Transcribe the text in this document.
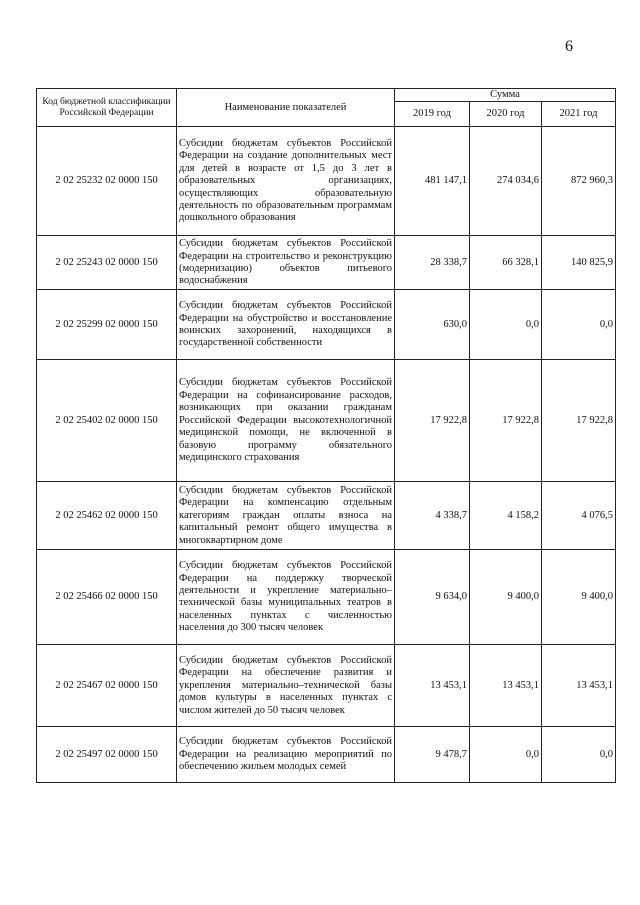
6
Код бюджетной классификации Российской Федерации	Наименование показателей	Сумма		
		2019 год	2020 год	2021 год
2 02 25232 02 0000 150	Субсидии бюджетам субъектов Российской Федерации на создание дополнительных мест для детей в возрасте от 1,5 до 3 лет в образовательных организациях, осуществляющих образовательную деятельность по образовательным программам дошкольного образования	481 147,1	274 034,6	872 960,3
2 02 25243 02 0000 150	Субсидии бюджетам субъектов Российской Федерации на строительство и реконструкцию (модернизацию) объектов питьевого водоснабжения	28 338,7	66 328,1	140 825,9
2 02 25299 02 0000 150	Субсидии бюджетам субъектов Российской Федерации на обустройство и восстановление воинских захоронений, находящихся в государственной собственности	630,0	0,0	0,0
2 02 25402 02 0000 150	Субсидии бюджетам субъектов Российской Федерации на софинансирование расходов, возникающих при оказании гражданам Российской Федерации высокотехнологичной медицинской помощи, не включенной в базовую программу обязательного медицинского страхования	17 922,8	17 922,8	17 922,8
2 02 25462 02 0000 150	Субсидии бюджетам субъектов Российской Федерации на компенсацию отдельным категориям граждан оплаты взноса на капитальный ремонт общего имущества в многоквартирном доме	4 338,7	4 158,2	4 076,5
2 02 25466 02 0000 150	Субсидии бюджетам субъектов Российской Федерации на поддержку творческой деятельности и укрепление материально–технической базы муниципальных театров в населенных пунктах с численностью населения до 300 тысяч человек	9 634,0	9 400,0	9 400,0
2 02 25467 02 0000 150	Субсидии бюджетам субъектов Российской Федерации на обеспечение развития и укрепления материально–технической базы домов культуры в населенных пунктах с числом жителей до 50 тысяч человек	13 453,1	13 453,1	13 453,1
2 02 25497 02 0000 150	Субсидии бюджетам субъектов Российской Федерации на реализацию мероприятий по обеспечению жильем молодых семей	9 478,7	0,0	0,0
